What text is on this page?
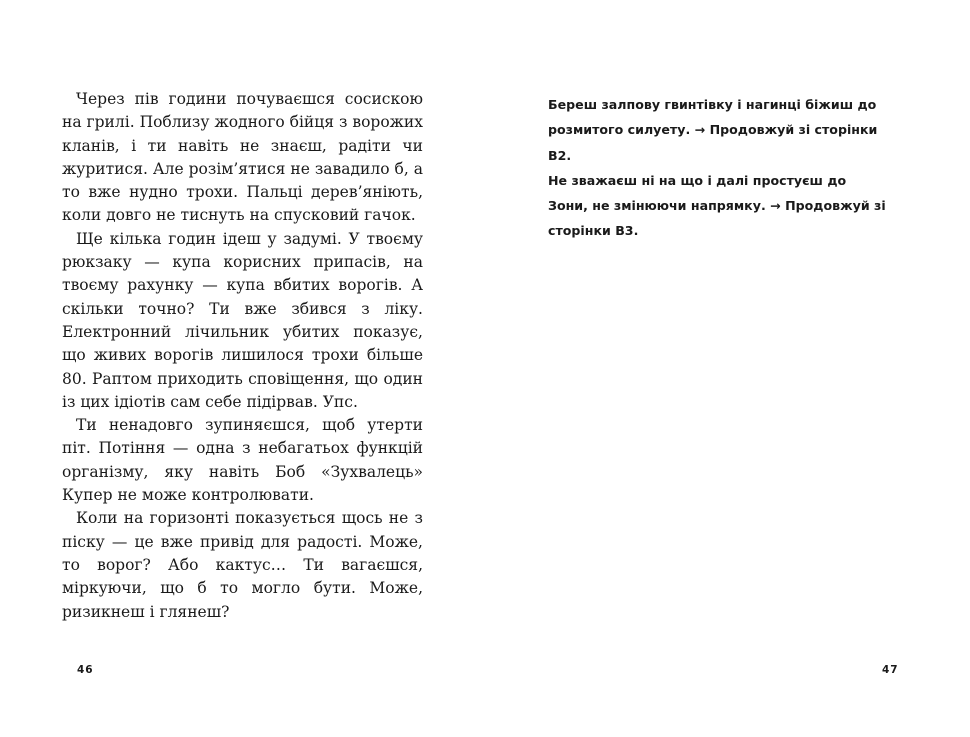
Через пів години почуваєшся сосискою на грилі. Поблизу жодного бійця з ворожих кланів, і ти навіть не знаєш, радіти чи журитися. Але розім’ятися не завадило б, а то вже нудно трохи. Пальці дерев’яніють, коли довго не тиснуть на спусковий гачок.

Ще кілька годин ідеш у задумі. У твоєму рюкзаку — купа корисних припасів, на твоєму рахунку — купа вбитих ворогів. А скільки точно? Ти вже збився з ліку. Електронний лічильник убитих показує, що живих ворогів лишилося трохи більше 80. Раптом приходить сповіщення, що один із цих ідіотів сам себе підірвав. Упс.

Ти ненадовго зупиняєшся, щоб утерти піт. Потіння — одна з небагатьох функцій організму, яку навіть Боб «Зухвалець» Купер не може контролювати.

Коли на горизонті показується щось не з піску — це вже привід для радості. Може, то ворог? Або кактус… Ти вагаєшся, міркуючи, що б то могло бути. Може, ризикнеш і глянеш?

Береш залпову гвинтівку і нагинці біжиш до розмитого силуету. → Продовжуй зі сторінки B2.
Не зважаєш ні на що і далі простуєш до Зони, не змінюючи напрямку. → Продовжуй зі сторінки B3.
46	47
